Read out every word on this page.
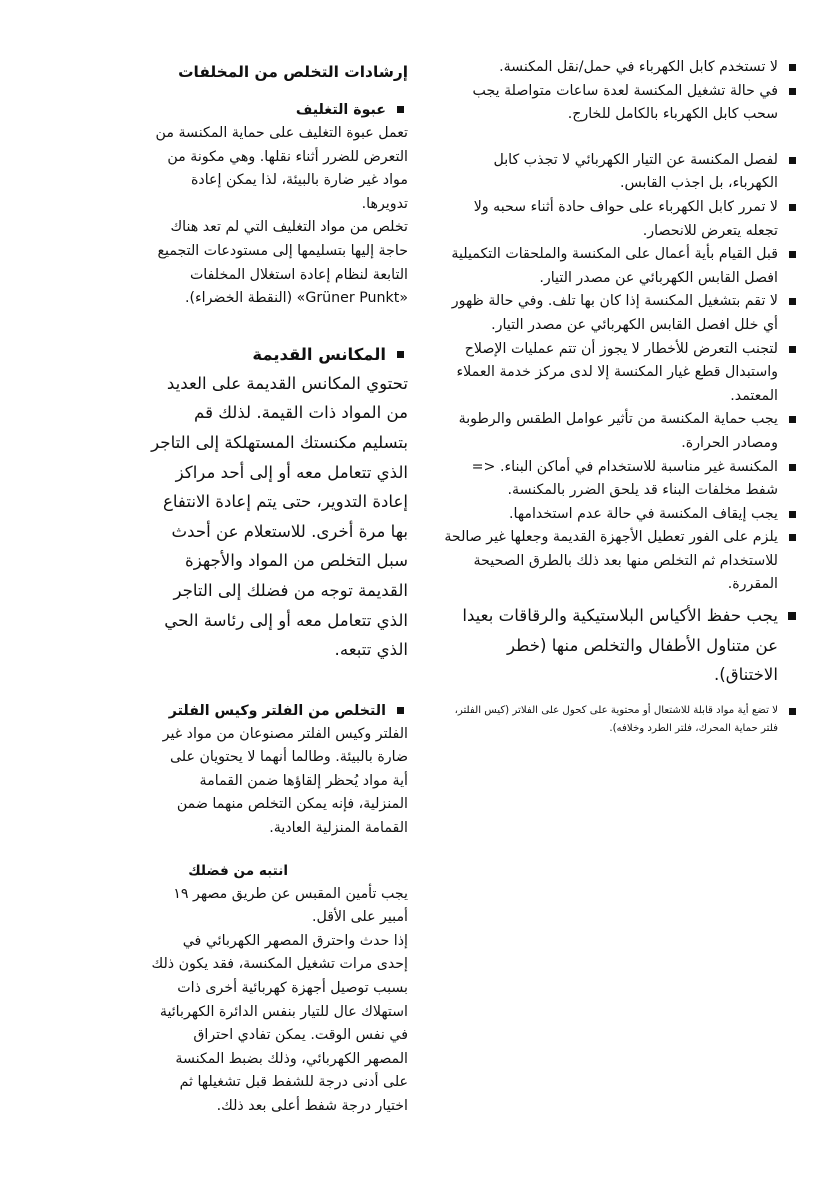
لا تستخدم كابل الكهرباء في حمل/نقل المكنسة.

في حالة تشغيل المكنسة لعدة ساعات متواصلة يجب سحب كابل الكهرباء بالكامل للخارج.

لفصل المكنسة عن التيار الكهربائي لا تجذب كابل الكهرباء، بل اجذب القابس.

لا تمرر كابل الكهرباء على حواف حادة أثناء سحبه ولا تجعله يتعرض للانحصار.

قبل القيام بأية أعمال على المكنسة والملحقات التكميلية افصل القابس الكهربائي عن مصدر التيار.

لا تقم بتشغيل المكنسة إذا كان بها تلف. وفي حالة ظهور أي خلل افصل القابس الكهربائي عن مصدر التيار.

لتجنب التعرض للأخطار لا يجوز أن تتم عمليات الإصلاح واستبدال قطع غيار المكنسة إلا لدى مركز خدمة العملاء المعتمد.

يجب حماية المكنسة من تأثير عوامل الطقس والرطوبة ومصادر الحرارة.

المكنسة غير مناسبة للاستخدام في أماكن البناء. <= شفط مخلفات البناء قد يلحق الضرر بالمكنسة.

يجب إيقاف المكنسة في حالة عدم استخدامها.

يلزم على الفور تعطيل الأجهزة القديمة وجعلها غير صالحة للاستخدام ثم التخلص منها بعد ذلك بالطرق الصحيحة المقررة.

يجب حفظ الأكياس البلاستيكية والرقاقات بعيدا عن متناول الأطفال والتخلص منها (خطر الاختناق).

لا تضع أية مواد قابلة للاشتعال أو محتوية على كحول على الفلاتر (كيس الفلتر، فلتر حماية المحرك، فلتر الطرد وخلافه).

إرشادات التخلص من المخلفات

عبوة التغليف

تعمل عبوة التغليف على حماية المكنسة من التعرض للضرر أثناء نقلها. وهي مكونة من مواد غير ضارة بالبيئة، لذا يمكن إعادة تدويرها.

تخلص من مواد التغليف التي لم تعد هناك حاجة إليها بتسليمها إلى مستودعات التجميع التابعة لنظام إعادة استغلال المخلفات «Grüner Punkt» (النقطة الخضراء).

المكانس القديمة

تحتوي المكانس القديمة على العديد من المواد ذات القيمة. لذلك قم بتسليم مكنستك المستهلكة إلى التاجر الذي تتعامل معه أو إلى أحد مراكز إعادة التدوير، حتى يتم إعادة الانتفاع بها مرة أخرى. للاستعلام عن أحدث سبل التخلص من المواد والأجهزة القديمة توجه من فضلك إلى التاجر الذي تتعامل معه أو إلى رئاسة الحي الذي تتبعه.

التخلص من الفلتر وكيس الفلتر

الفلتر وكيس الفلتر مصنوعان من مواد غير ضارة بالبيئة. وطالما أنهما لا يحتويان على أية مواد يُحظر إلقاؤها ضمن القمامة المنزلية، فإنه يمكن التخلص منهما ضمن القمامة المنزلية العادية.

انتبه من فضلك

يجب تأمين المقبس عن طريق مصهر ١٩ أمبير على الأقل.

إذا حدث واحترق المصهر الكهربائي في إحدى مرات تشغيل المكنسة، فقد يكون ذلك بسبب توصيل أجهزة كهربائية أخرى ذات استهلاك عال للتيار بنفس الدائرة الكهربائية في نفس الوقت. يمكن تفادي احتراق المصهر الكهربائي، وذلك بضبط المكنسة على أدنى درجة للشفط قبل تشغيلها ثم اختيار درجة شفط أعلى بعد ذلك.
